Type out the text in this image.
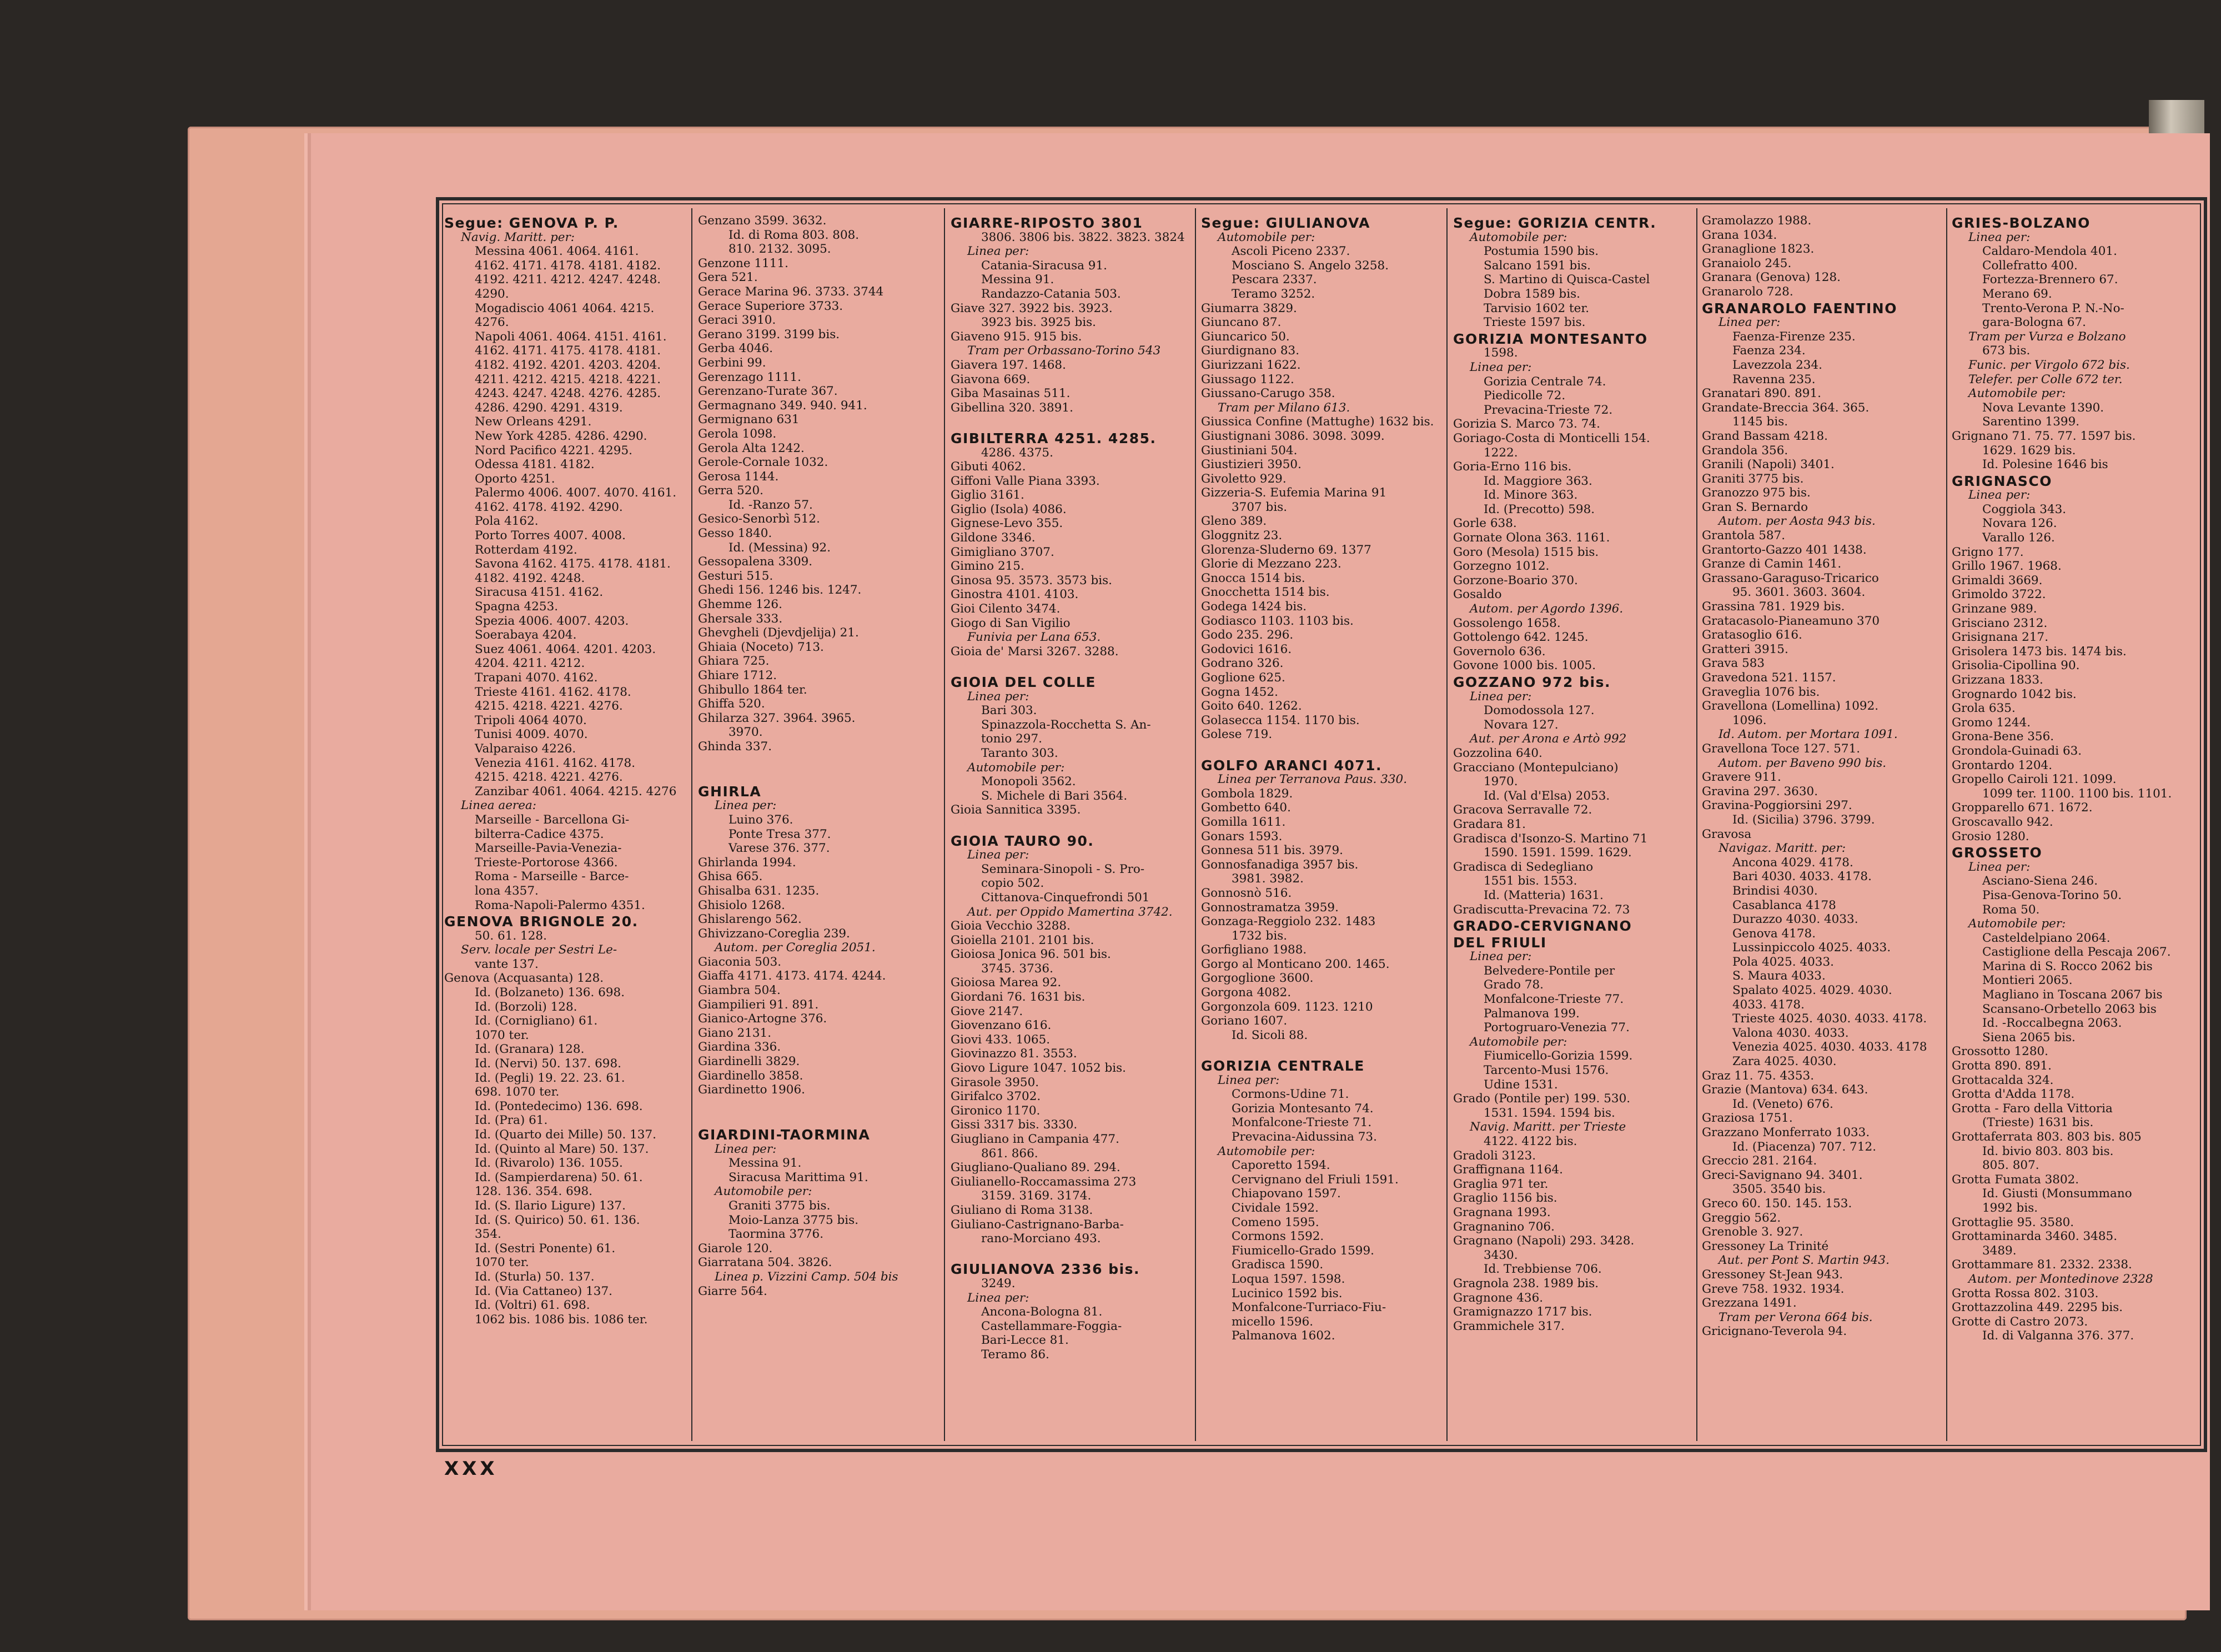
Segue: GENOVA P. P.
Navig. Maritt. per:
Messina 4061. 4064. 4161.
4162. 4171. 4178. 4181. 4182.
4192. 4211. 4212. 4247. 4248.
4290.
Mogadiscio 4061 4064. 4215.
4276.
Napoli 4061. 4064. 4151. 4161.
4162. 4171. 4175. 4178. 4181.
4182. 4192. 4201. 4203. 4204.
4211. 4212. 4215. 4218. 4221.
4243. 4247. 4248. 4276. 4285.
4286. 4290. 4291. 4319.
New Orleans 4291.
New York 4285. 4286. 4290.
Nord Pacifico 4221. 4295.
Odessa 4181. 4182.
Oporto 4251.
Palermo 4006. 4007. 4070. 4161.
4162. 4178. 4192. 4290.
Pola 4162.
Porto Torres 4007. 4008.
Rotterdam 4192.
Savona 4162. 4175. 4178. 4181.
4182. 4192. 4248.
Siracusa 4151. 4162.
Spagna 4253.
Spezia 4006. 4007. 4203.
Soerabaya 4204.
Suez 4061. 4064. 4201. 4203.
4204. 4211. 4212.
Trapani 4070. 4162.
Trieste 4161. 4162. 4178.
4215. 4218. 4221. 4276.
Tripoli 4064 4070.
Tunisi 4009. 4070.
Valparaiso 4226.
Venezia 4161. 4162. 4178.
4215. 4218. 4221. 4276.
Zanzibar 4061. 4064. 4215. 4276
Linea aerea:
Marseille - Barcellona Gi-
bilterra-Cadice 4375.
Marseille-Pavia-Venezia-
Trieste-Portorose 4366.
Roma - Marseille - Barce-
lona 4357.
Roma-Napoli-Palermo 4351.
GENOVA BRIGNOLE 20.
50. 61. 128.
Serv. locale per Sestri Le-
vante 137.
Genova (Acquasanta) 128.
Id. (Bolzaneto) 136. 698.
Id. (Borzoli) 128.
Id. (Cornigliano) 61.
1070 ter.
Id. (Granara) 128.
Id. (Nervi) 50. 137. 698.
Id. (Pegli) 19. 22. 23. 61.
698. 1070 ter.
Id. (Pontedecimo) 136. 698.
Id. (Pra) 61.
Id. (Quarto dei Mille) 50. 137.
Id. (Quinto al Mare) 50. 137.
Id. (Rivarolo) 136. 1055.
Id. (Sampierdarena) 50. 61.
128. 136. 354. 698.
Id. (S. Ilario Ligure) 137.
Id. (S. Quirico) 50. 61. 136.
354.
Id. (Sestri Ponente) 61.
1070 ter.
Id. (Sturla) 50. 137.
Id. (Via Cattaneo) 137.
Id. (Voltri) 61. 698.
1062 bis. 1086 bis. 1086 ter.
Genzano 3599. 3632.
Id. di Roma 803. 808.
810. 2132. 3095.
Genzone 1111.
Gera 521.
Gerace Marina 96. 3733. 3744
Gerace Superiore 3733.
Geraci 3910.
Gerano 3199. 3199 bis.
Gerba 4046.
Gerbini 99.
Gerenzago 1111.
Gerenzano-Turate 367.
Germagnano 349. 940. 941.
Germignano 631
Gerola 1098.
Gerola Alta 1242.
Gerole-Cornale 1032.
Gerosa 1144.
Gerra 520.
Id. -Ranzo 57.
Gesico-Senorbì 512.
Gesso 1840.
Id. (Messina) 92.
Gessopalena 3309.
Gesturi 515.
Ghedi 156. 1246 bis. 1247.
Ghemme 126.
Ghersale 333.
Ghevgheli (Djevdjelija) 21.
Ghiaia (Noceto) 713.
Ghiara 725.
Ghiare 1712.
Ghibullo 1864 ter.
Ghiffa 520.
Ghilarza 327. 3964. 3965.
3970.
Ghinda 337.

GHIRLA
Linea per:
Luino 376.
Ponte Tresa 377.
Varese 376. 377.
Ghirlanda 1994.
Ghisa 665.
Ghisalba 631. 1235.
Ghisiolo 1268.
Ghislarengo 562.
Ghivizzano-Coreglia 239.
Autom. per Coreglia 2051.
Giaconia 503.
Giaffa 4171. 4173. 4174. 4244.
Giambra 504.
Giampilieri 91. 891.
Gianico-Artogne 376.
Giano 2131.
Giardina 336.
Giardinelli 3829.
Giardinello 3858.
Giardinetto 1906.

GIARDINI-TAORMINA
Linea per:
Messina 91.
Siracusa Marittima 91.
Automobile per:
Graniti 3775 bis.
Moio-Lanza 3775 bis.
Taormina 3776.
Giarole 120.
Giarratana 504. 3826.
Linea p. Vizzini Camp. 504 bis
Giarre 564.
GIARRE-RIPOSTO 3801
3806. 3806 bis. 3822. 3823. 3824
Linea per:
Catania-Siracusa 91.
Messina 91.
Randazzo-Catania 503.
Giave 327. 3922 bis. 3923.
3923 bis. 3925 bis.
Giaveno 915. 915 bis.
Tram per Orbassano-Torino 543
Giavera 197. 1468.
Giavona 669.
Giba Masainas 511.
Gibellina 320. 3891.

GIBILTERRA 4251. 4285.
4286. 4375.
Gibuti 4062.
Giffoni Valle Piana 3393.
Giglio 3161.
Giglio (Isola) 4086.
Gignese-Levo 355.
Gildone 3346.
Gimigliano 3707.
Gimino 215.
Ginosa 95. 3573. 3573 bis.
Ginostra 4101. 4103.
Gioi Cilento 3474.
Giogo di San Vigilio
Funivia per Lana 653.
Gioia de' Marsi 3267. 3288.

GIOIA DEL COLLE
Linea per:
Bari 303.
Spinazzola-Rocchetta S. An-
tonio 297.
Taranto 303.
Automobile per:
Monopoli 3562.
S. Michele di Bari 3564.
Gioia Sannitica 3395.

GIOIA TAURO 90.
Linea per:
Seminara-Sinopoli - S. Pro-
copio 502.
Cittanova-Cinquefrondi 501
Aut. per Oppido Mamertina 3742.
Gioia Vecchio 3288.
Gioiella 2101. 2101 bis.
Gioiosa Jonica 96. 501 bis.
3745. 3736.
Gioiosa Marea 92.
Giordani 76. 1631 bis.
Giove 2147.
Giovenzano 616.
Giovi 433. 1065.
Giovinazzo 81. 3553.
Giovo Ligure 1047. 1052 bis.
Girasole 3950.
Girifalco 3702.
Gironico 1170.
Gissi 3317 bis. 3330.
Giugliano in Campania 477.
861. 866.
Giugliano-Qualiano 89. 294.
Giulianello-Roccamassima 273
3159. 3169. 3174.
Giuliano di Roma 3138.
Giuliano-Castrignano-Barba-
rano-Morciano 493.

GIULIANOVA 2336 bis.
3249.
Linea per:
Ancona-Bologna 81.
Castellammare-Foggia-
Bari-Lecce 81.
Teramo 86.
Segue: GIULIANOVA
Automobile per:
Ascoli Piceno 2337.
Mosciano S. Angelo 3258.
Pescara 2337.
Teramo 3252.
Giumarra 3829.
Giuncano 87.
Giuncarico 50.
Giurdignano 83.
Giurizzani 1622.
Giussago 1122.
Giussano-Carugo 358.
Tram per Milano 613.
Giussica Confine (Mattughe) 1632 bis.
Giustignani 3086. 3098. 3099.
Giustiniani 504.
Giustizieri 3950.
Givoletto 929.
Gizzeria-S. Eufemia Marina 91
3707 bis.
Gleno 389.
Gloggnitz 23.
Glorenza-Sluderno 69. 1377
Glorie di Mezzano 223.
Gnocca 1514 bis.
Gnocchetta 1514 bis.
Godega 1424 bis.
Godiasco 1103. 1103 bis.
Godo 235. 296.
Godovici 1616.
Godrano 326.
Goglione 625.
Gogna 1452.
Goito 640. 1262.
Golasecca 1154. 1170 bis.
Golese 719.

GOLFO ARANCI 4071.
Linea per Terranova Paus. 330.
Gombola 1829.
Gombetto 640.
Gomilla 1611.
Gonars 1593.
Gonnesa 511 bis. 3979.
Gonnosfanadiga 3957 bis.
3981. 3982.
Gonnosnò 516.
Gonnostramatza 3959.
Gonzaga-Reggiolo 232. 1483
1732 bis.
Gorfigliano 1988.
Gorgo al Monticano 200. 1465.
Gorgoglione 3600.
Gorgona 4082.
Gorgonzola 609. 1123. 1210
Goriano 1607.
Id. Sicoli 88.

GORIZIA CENTRALE
Linea per:
Cormons-Udine 71.
Gorizia Montesanto 74.
Monfalcone-Trieste 71.
Prevacina-Aidussina 73.
Automobile per:
Caporetto 1594.
Cervignano del Friuli 1591.
Chiapovano 1597.
Cividale 1592.
Comeno 1595.
Cormons 1592.
Fiumicello-Grado 1599.
Gradisca 1590.
Loqua 1597. 1598.
Lucinico 1592 bis.
Monfalcone-Turriaco-Fiu-
micello 1596.
Palmanova 1602.
Segue: GORIZIA CENTR.
Automobile per:
Postumia 1590 bis.
Salcano 1591 bis.
S. Martino di Quisca-Castel
Dobra 1589 bis.
Tarvisio 1602 ter.
Trieste 1597 bis.
GORIZIA MONTESANTO
1598.
Linea per:
Gorizia Centrale 74.
Piedicolle 72.
Prevacina-Trieste 72.
Gorizia S. Marco 73. 74.
Goriago-Costa di Monticelli 154.
1222.
Goria-Erno 116 bis.
Id. Maggiore 363.
Id. Minore 363.
Id. (Precotto) 598.
Gorle 638.
Gornate Olona 363. 1161.
Goro (Mesola) 1515 bis.
Gorzegno 1012.
Gorzone-Boario 370.
Gosaldo
Autom. per Agordo 1396.
Gossolengo 1658.
Gottolengo 642. 1245.
Governolo 636.
Govone 1000 bis. 1005.
GOZZANO 972 bis.
Linea per:
Domodossola 127.
Novara 127.
Aut. per Arona e Artò 992
Gozzolina 640.
Gracciano (Montepulciano)
1970.
Id. (Val d'Elsa) 2053.
Gracova Serravalle 72.
Gradara 81.
Gradisca d'Isonzo-S. Martino 71
1590. 1591. 1599. 1629.
Gradisca di Sedegliano
1551 bis. 1553.
Id. (Matteria) 1631.
Gradiscutta-Prevacina 72. 73
GRADO-CERVIGNANO
DEL FRIULI
Linea per:
Belvedere-Pontile per
Grado 78.
Monfalcone-Trieste 77.
Palmanova 199.
Portogruaro-Venezia 77.
Automobile per:
Fiumicello-Gorizia 1599.
Tarcento-Musi 1576.
Udine 1531.
Grado (Pontile per) 199. 530.
1531. 1594. 1594 bis.
Navig. Maritt. per Trieste
4122. 4122 bis.
Gradoli 3123.
Graffignana 1164.
Graglia 971 ter.
Graglio 1156 bis.
Gragnana 1993.
Gragnanino 706.
Gragnano (Napoli) 293. 3428.
3430.
Id. Trebbiense 706.
Gragnola 238. 1989 bis.
Gragnone 436.
Gramignazzo 1717 bis.
Grammichele 317.
Gramolazzo 1988.
Grana 1034.
Granaglione 1823.
Granaiolo 245.
Granara (Genova) 128.
Granarolo 728.
GRANAROLO FAENTINO
Linea per:
Faenza-Firenze 235.
Faenza 234.
Lavezzola 234.
Ravenna 235.
Granatari 890. 891.
Grandate-Breccia 364. 365.
1145 bis.
Grand Bassam 4218.
Grandola 356.
Granili (Napoli) 3401.
Graniti 3775 bis.
Granozzo 975 bis.
Gran S. Bernardo
Autom. per Aosta 943 bis.
Grantola 587.
Grantorto-Gazzo 401 1438.
Granze di Camin 1461.
Grassano-Garaguso-Tricarico
95. 3601. 3603. 3604.
Grassina 781. 1929 bis.
Gratacasolo-Pianeamuno 370
Gratasoglio 616.
Gratteri 3915.
Grava 583
Gravedona 521. 1157.
Graveglia 1076 bis.
Gravellona (Lomellina) 1092.
1096.
Id. Autom. per Mortara 1091.
Gravellona Toce 127. 571.
Autom. per Baveno 990 bis.
Gravere 911.
Gravina 297. 3630.
Gravina-Poggiorsini 297.
Id. (Sicilia) 3796. 3799.
Gravosa
Navigaz. Maritt. per:
Ancona 4029. 4178.
Bari 4030. 4033. 4178.
Brindisi 4030.
Casablanca 4178
Durazzo 4030. 4033.
Genova 4178.
Lussinpiccolo 4025. 4033.
Pola 4025. 4033.
S. Maura 4033.
Spalato 4025. 4029. 4030.
4033. 4178.
Trieste 4025. 4030. 4033. 4178.
Valona 4030. 4033.
Venezia 4025. 4030. 4033. 4178
Zara 4025. 4030.
Graz 11. 75. 4353.
Grazie (Mantova) 634. 643.
Id. (Veneto) 676.
Graziosa 1751.
Grazzano Monferrato 1033.
Id. (Piacenza) 707. 712.
Greccio 281. 2164.
Greci-Savignano 94. 3401.
3505. 3540 bis.
Greco 60. 150. 145. 153.
Greggio 562.
Grenoble 3. 927.
Gressoney La Trinité
Aut. per Pont S. Martin 943.
Gressoney St-Jean 943.
Greve 758. 1932. 1934.
Grezzana 1491.
Tram per Verona 664 bis.
Gricignano-Teverola 94.
GRIES-BOLZANO
Linea per:
Caldaro-Mendola 401.
Collefratto 400.
Fortezza-Brennero 67.
Merano 69.
Trento-Verona P. N.-No-
gara-Bologna 67.
Tram per Vurza e Bolzano
673 bis.
Funic. per Virgolo 672 bis.
Telefer. per Colle 672 ter.
Automobile per:
Nova Levante 1390.
Sarentino 1399.
Grignano 71. 75. 77. 1597 bis.
1629. 1629 bis.
Id. Polesine 1646 bis
GRIGNASCO
Linea per:
Coggiola 343.
Novara 126.
Varallo 126.
Grigno 177.
Grillo 1967. 1968.
Grimaldi 3669.
Grimoldo 3722.
Grinzane 989.
Grisciano 2312.
Grisignana 217.
Grisolera 1473 bis. 1474 bis.
Grisolia-Cipollina 90.
Grizzana 1833.
Grognardo 1042 bis.
Grola 635.
Gromo 1244.
Grona-Bene 356.
Grondola-Guinadi 63.
Grontardo 1204.
Gropello Cairoli 121. 1099.
1099 ter. 1100. 1100 bis. 1101.
Gropparello 671. 1672.
Groscavallo 942.
Grosio 1280.
GROSSETO
Linea per:
Asciano-Siena 246.
Pisa-Genova-Torino 50.
Roma 50.
Automobile per:
Casteldelpiano 2064.
Castiglione della Pescaja 2067.
Marina di S. Rocco 2062 bis
Montieri 2065.
Magliano in Toscana 2067 bis
Scansano-Orbetello 2063 bis
Id. -Roccalbegna 2063.
Siena 2065 bis.
Grossotto 1280.
Grotta 890. 891.
Grottacalda 324.
Grotta d'Adda 1178.
Grotta - Faro della Vittoria
(Trieste) 1631 bis.
Grottaferrata 803. 803 bis. 805
Id. bivio 803. 803 bis.
805. 807.
Grotta Fumata 3802.
Id. Giusti (Monsummano
1992 bis.
Grottaglie 95. 3580.
Grottaminarda 3460. 3485.
3489.
Grottammare 81. 2332. 2338.
Autom. per Montedinove 2328
Grotta Rossa 802. 3103.
Grottazzolina 449. 2295 bis.
Grotte di Castro 2073.
Id. di Valganna 376. 377.
XXX
